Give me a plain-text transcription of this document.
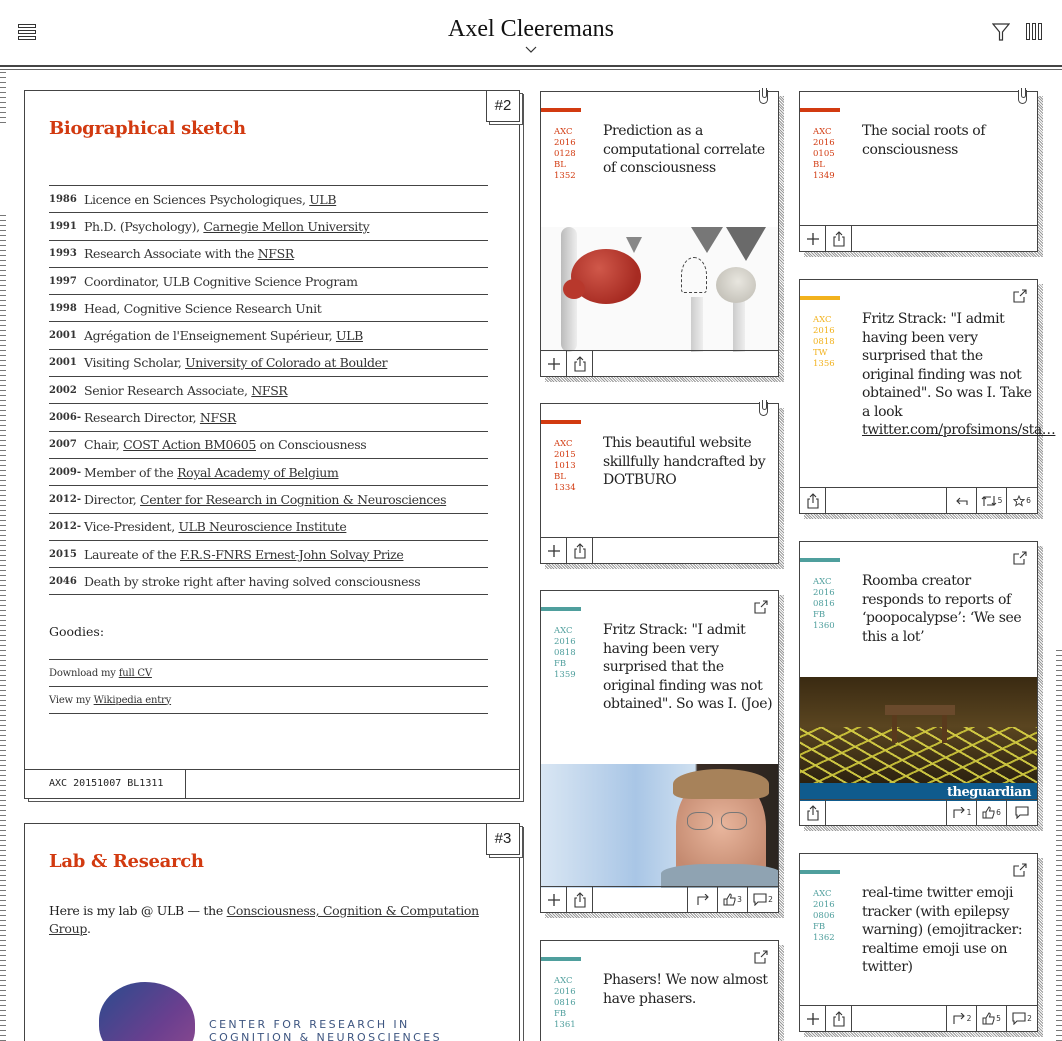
Axel Cleeremans
#2
Biographical sketch
1986 Licence en Sciences Psychologiques, ULB
1991 Ph.D. (Psychology), Carnegie Mellon University
1993 Research Associate with the NFSR
1997 Coordinator, ULB Cognitive Science Program
1998 Head, Cognitive Science Research Unit
2001 Agrégation de l'Enseignement Supérieur, ULB
2001 Visiting Scholar, University of Colorado at Boulder
2002 Senior Research Associate, NFSR
2006- Research Director, NFSR
2007 Chair, COST Action BM0605 on Consciousness
2009- Member of the Royal Academy of Belgium
2012- Director, Center for Research in Cognition & Neurosciences
2012- Vice-President, ULB Neuroscience Institute
2015 Laureate of the F.R.S-FNRS Ernest-John Solvay Prize
2046 Death by stroke right after having solved consciousness
Goodies:
Download my
full CV
View my
Wikipedia entry
AXC 20151007 BL1311
#3
Lab & Research
Here is my lab @ ULB — the Consciousness, Cognition & Computation Group.
CENTER FOR RESEARCH IN
COGNITION & NEUROSCIENCES
AXC
2016
0128
BL
1352
Prediction as a computational correlate of consciousness
AXC
2016
0105
BL
1349
The social roots of consciousness
AXC
2016
0818
TW
1356
Fritz Strack: "I admit having been very surprised that the original finding was not obtained". So was I. Take a look twitter.com/profsimons/sta…
5	6
AXC
2015
1013
BL
1334
This beautiful website skillfully handcrafted by DOTBURO
AXC
2016
0818
FB
1359
Fritz Strack: "I admit having been very surprised that the original finding was not obtained". So was I. (Joe)
3	2
AXC
2016
0816
FB
1360
Roomba creator responds to reports of ‘poopocalypse’: ‘We see this a lot’
theguardian
1	6
AXC
2016
0806
FB
1362
real-time twitter emoji tracker (with epilepsy warning) (emojitracker: realtime emoji use on twitter)
2	5	2
AXC
2016
0816
FB
1361
Phasers! We now almost have phasers.
